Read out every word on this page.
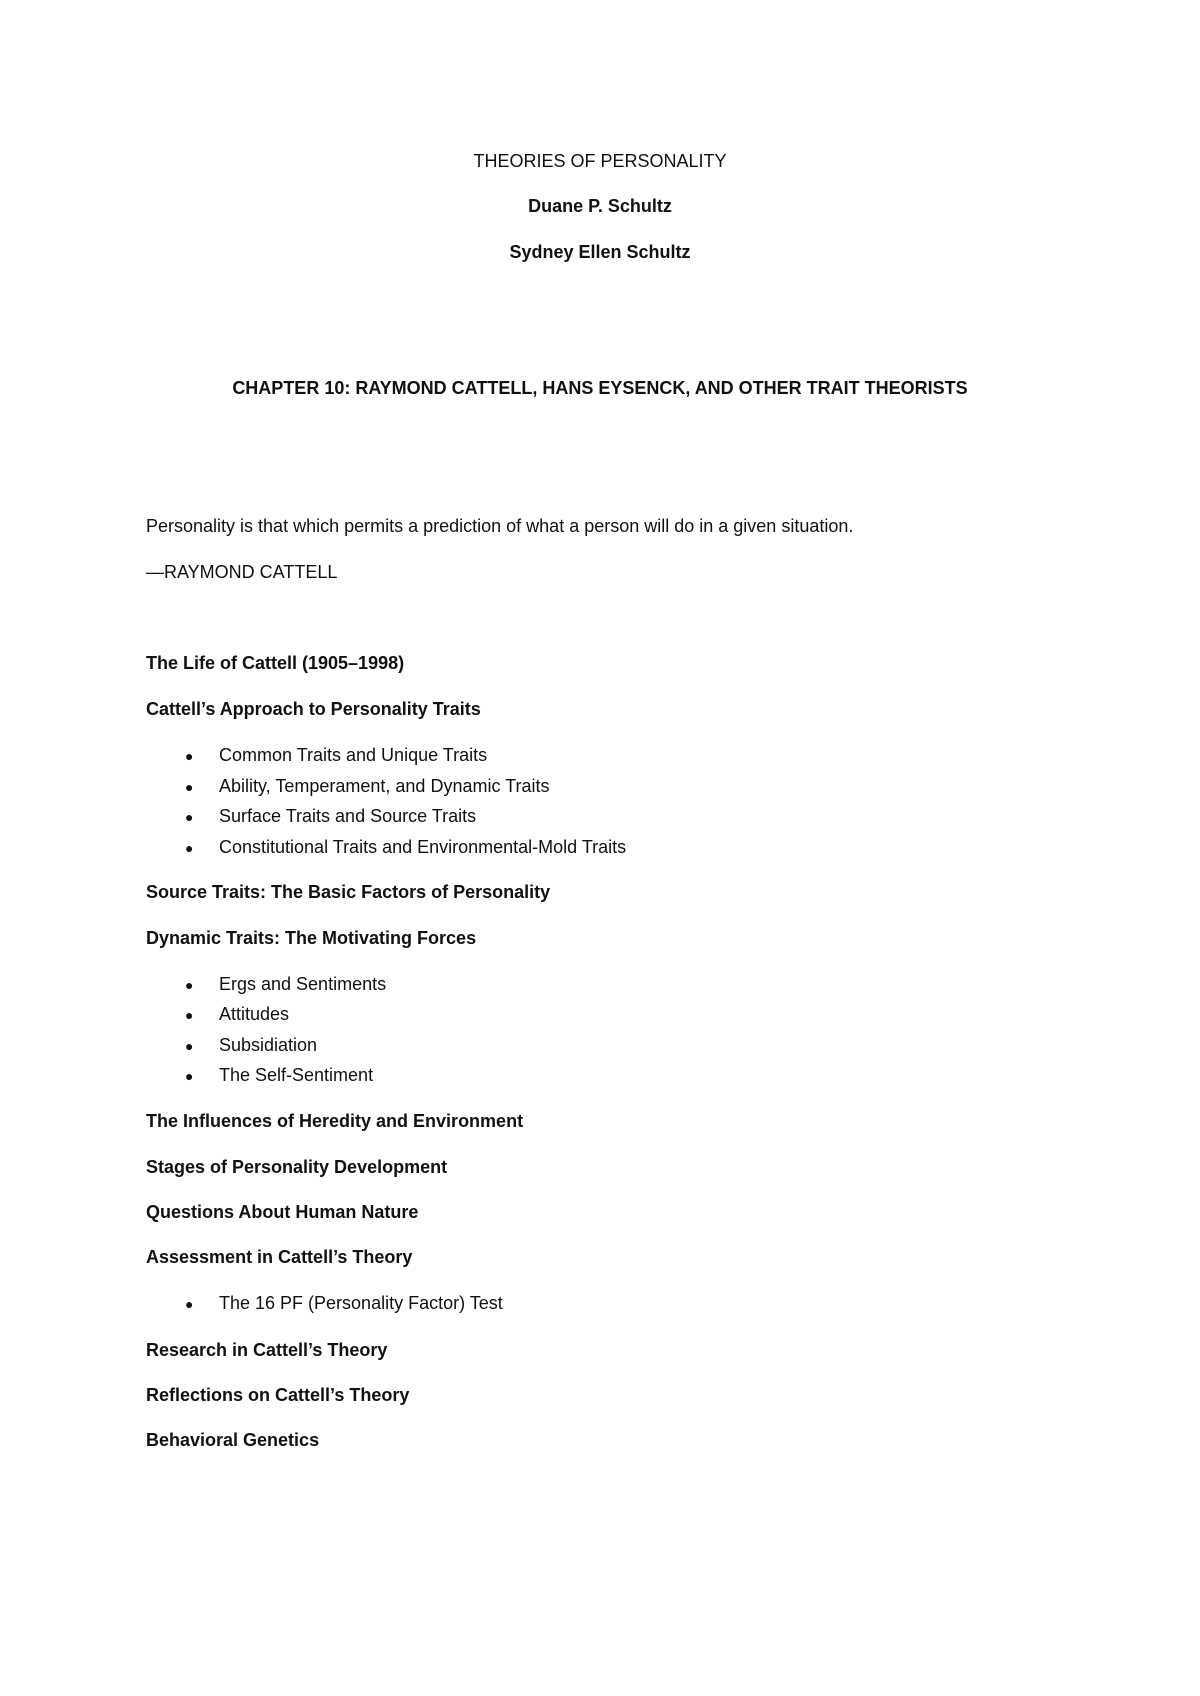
THEORIES OF PERSONALITY
Duane P. Schultz
Sydney Ellen Schultz
CHAPTER 10: RAYMOND CATTELL, HANS EYSENCK, AND OTHER TRAIT THEORISTS
Personality is that which permits a prediction of what a person will do in a given situation.
—RAYMOND CATTELL
The Life of Cattell (1905–1998)
Cattell’s Approach to Personality Traits
● Common Traits and Unique Traits
● Ability, Temperament, and Dynamic Traits
● Surface Traits and Source Traits
● Constitutional Traits and Environmental-Mold Traits
Source Traits: The Basic Factors of Personality
Dynamic Traits: The Motivating Forces
● Ergs and Sentiments
● Attitudes
● Subsidiation
● The Self-Sentiment
The Influences of Heredity and Environment
Stages of Personality Development
Questions About Human Nature
Assessment in Cattell’s Theory
● The 16 PF (Personality Factor) Test
Research in Cattell’s Theory
Reflections on Cattell’s Theory
Behavioral Genetics
